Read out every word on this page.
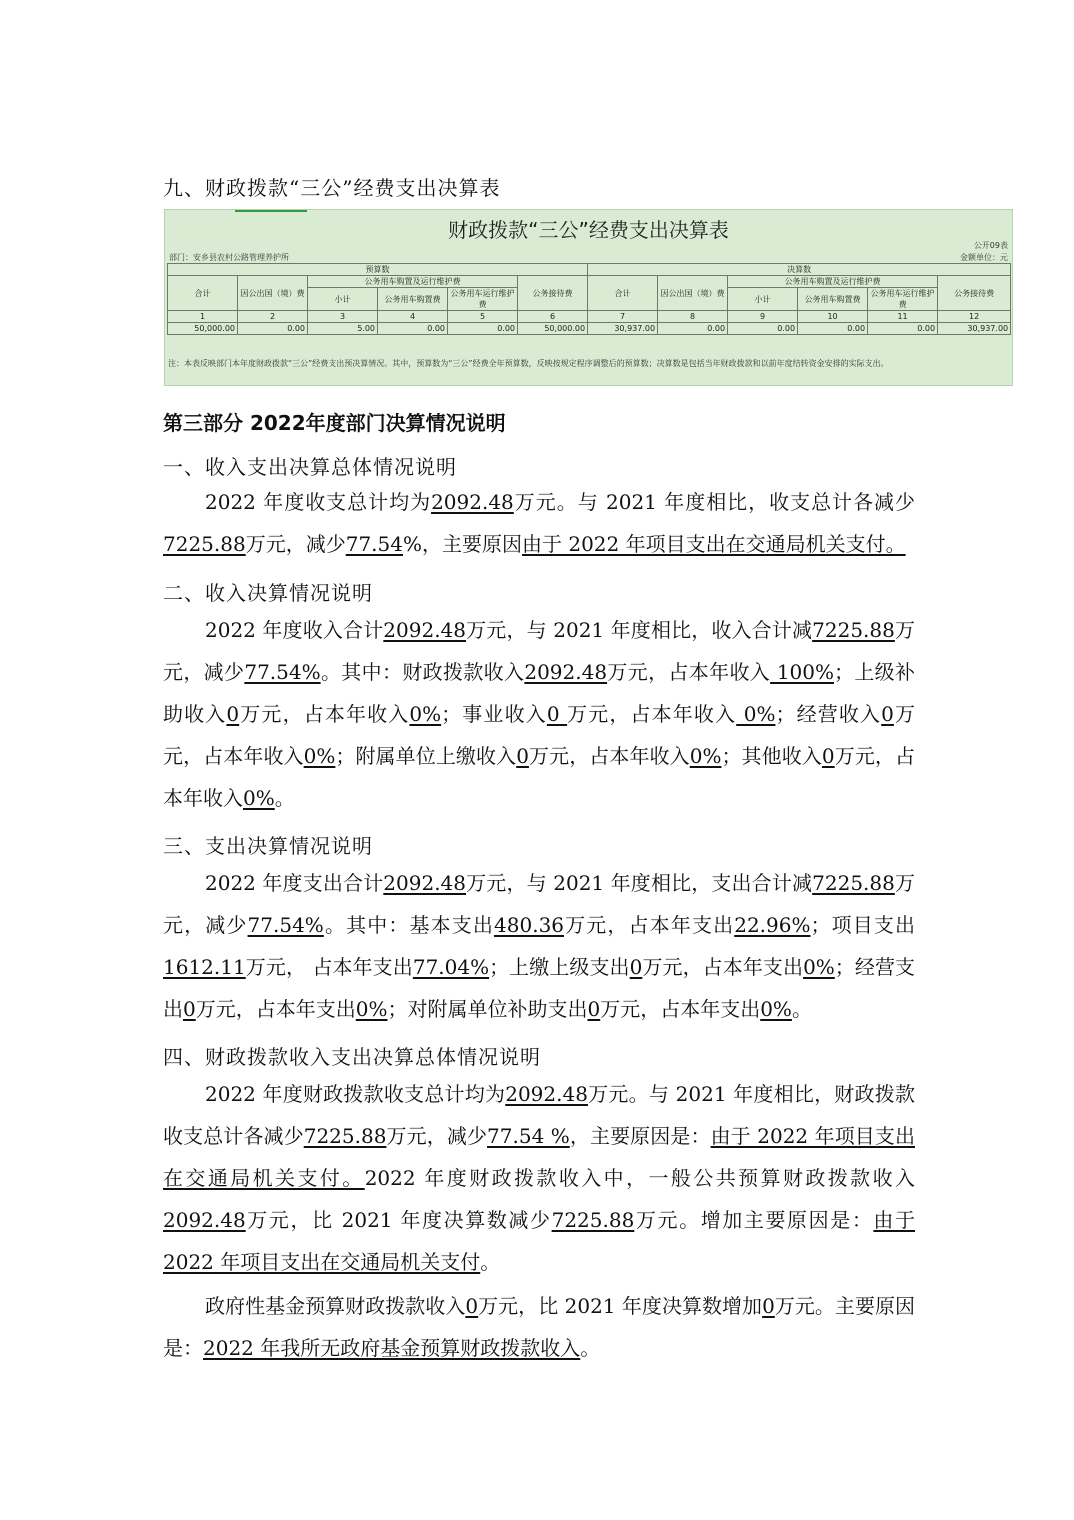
九、财政拨款“三公”经费支出决算表
财政拨款“三公”经费支出决算表
部门：安乡县农村公路管理养护所
公开09表
金额单位：元
预算数						决算数					
合计	因公出国（境）费	公务用车购置及运行维护费			公务接待费	合计	因公出国（境）费	公务用车购置及运行维护费			公务接待费
		小计	公务用车购置费	公务用车运行维护费				小计	公务用车购置费	公务用车运行维护费	
1	2	3	4	5	6	7	8	9	10	11	12
50,000.00	0.00	5.00	0.00	0.00	50,000.00	30,937.00	0.00	0.00	0.00	0.00	30,937.00
注：本表反映部门本年度财政拨款“三公”经费支出预决算情况。其中，预算数为“三公”经费全年预算数，反映按规定程序调整后的预算数；决算数是包括当年财政拨款和以前年度结转资金安排的实际支出。
第三部分 2022年度部门决算情况说明
一、收入支出决算总体情况说明
2022 年度收支总计均为2092.48万元。与 2021 年度相比，收支总计各减少7225.88万元，减少77.54%，主要原因由于 2022 年项目支出在交通局机关支付。
二、收入决算情况说明
2022 年度收入合计2092.48万元，与 2021 年度相比，收入合计减7225.88万元，减少77.54%。其中：财政拨款收入2092.48万元，占本年收入 100%；上级补助收入0万元，占本年收入0%；事业收入0 万元，占本年收入 0%；经营收入0万元，占本年收入0%；附属单位上缴收入0万元，占本年收入0%；其他收入0万元，占本年收入0%。
三、支出决算情况说明
2022 年度支出合计2092.48万元，与 2021 年度相比，支出合计减7225.88万元，减少77.54%。其中：基本支出480.36万元，占本年支出22.96%；项目支出1612.11万元， 占本年支出77.04%；上缴上级支出0万元，占本年支出0%；经营支出0万元，占本年支出0%；对附属单位补助支出0万元，占本年支出0%。
四、财政拨款收入支出决算总体情况说明
2022 年度财政拨款收支总计均为2092.48万元。与 2021 年度相比，财政拨款收支总计各减少7225.88万元，减少77.54 %，主要原因是：由于 2022 年项目支出在交通局机关支付。2022 年度财政拨款收入中，一般公共预算财政拨款收入2092.48万元，比 2021 年度决算数减少7225.88万元。增加主要原因是：由于 2022 年项目支出在交通局机关支付。
政府性基金预算财政拨款收入0万元，比 2021 年度决算数增加0万元。主要原因是：2022 年我所无政府基金预算财政拨款收入。
